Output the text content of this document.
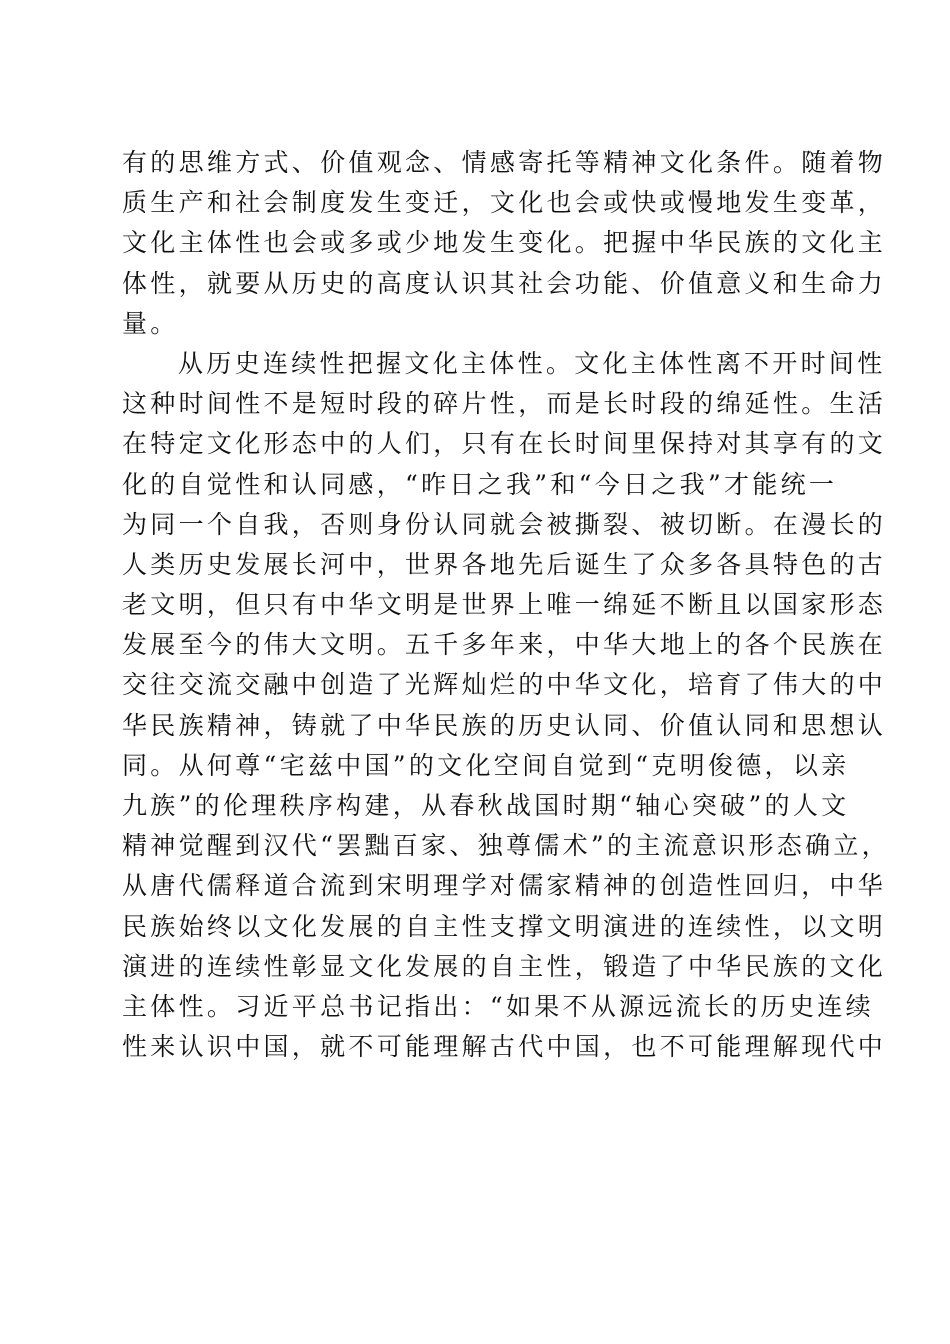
有的思维方式、价值观念、情感寄托等精神文化条件。随着物
质生产和社会制度发生变迁，文化也会或快或慢地发生变革，
文化主体性也会或多或少地发生变化。把握中华民族的文化主
体性，就要从历史的高度认识其社会功能、价值意义和生命力
量。
从历史连续性把握文化主体性。文化主体性离不开时间性
这种时间性不是短时段的碎片性，而是长时段的绵延性。生活
在特定文化形态中的人们，只有在长时间里保持对其享有的文
化的自觉性和认同感，“昨日之我”和“今日之我”才能统一
为同一个自我，否则身份认同就会被撕裂、被切断。在漫长的
人类历史发展长河中，世界各地先后诞生了众多各具特色的古
老文明，但只有中华文明是世界上唯一绵延不断且以国家形态
发展至今的伟大文明。五千多年来，中华大地上的各个民族在
交往交流交融中创造了光辉灿烂的中华文化，培育了伟大的中
华民族精神，铸就了中华民族的历史认同、价值认同和思想认
同。从何尊“宅兹中国”的文化空间自觉到“克明俊德，以亲
九族”的伦理秩序构建，从春秋战国时期“轴心突破”的人文
精神觉醒到汉代“罢黜百家、独尊儒术”的主流意识形态确立，
从唐代儒释道合流到宋明理学对儒家精神的创造性回归，中华
民族始终以文化发展的自主性支撑文明演进的连续性，以文明
演进的连续性彰显文化发展的自主性，锻造了中华民族的文化
主体性。习近平总书记指出：“如果不从源远流长的历史连续
性来认识中国，就不可能理解古代中国，也不可能理解现代中
